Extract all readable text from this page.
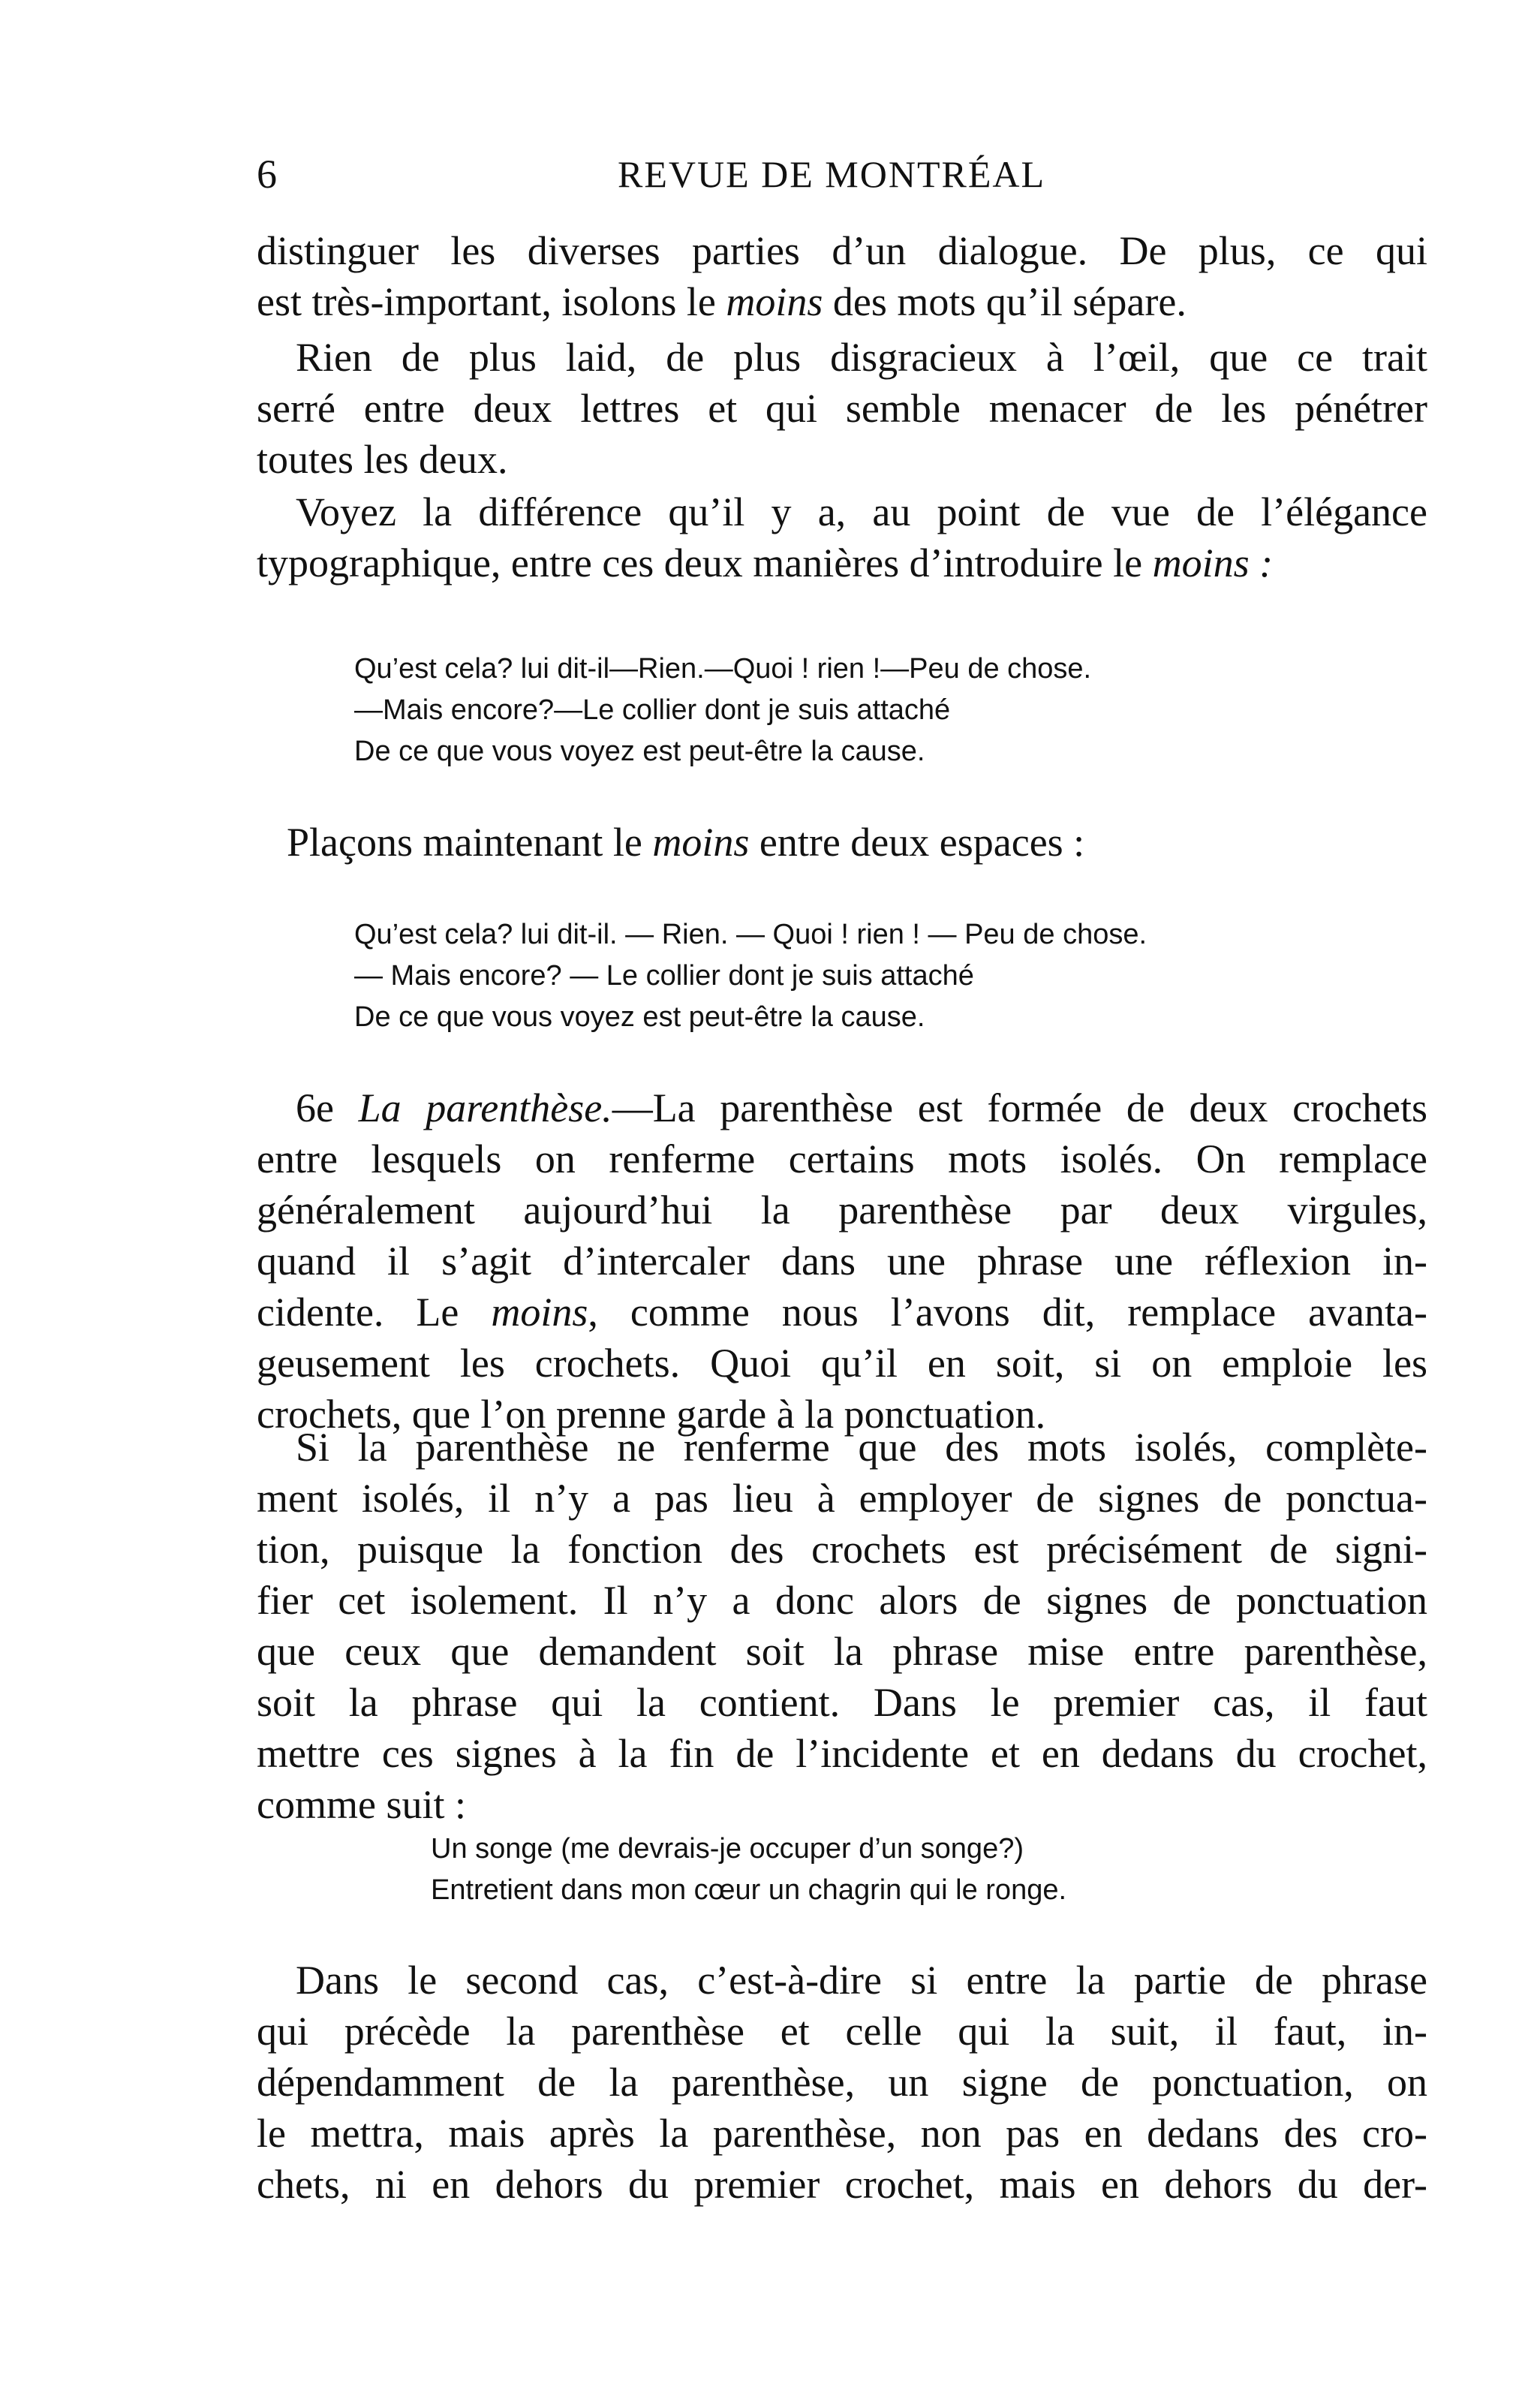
6	REVUE DE MONTRÉAL
distinguer les diverses parties d’un dialogue. De plus, ce qui
est très-important, isolons le moins des mots qu’il sépare.
Rien de plus laid, de plus disgracieux à l’œil, que ce trait
serré entre deux lettres et qui semble menacer de les pénétrer
toutes les deux.
Voyez la différence qu’il y a, au point de vue de l’élégance
typographique, entre ces deux manières d’introduire le moins :
Qu’est cela? lui dit-il—Rien.—Quoi ! rien !—Peu de chose.
—Mais encore?—Le collier dont je suis attaché
De ce que vous voyez est peut-être la cause.
Plaçons maintenant le moins entre deux espaces :
Qu’est cela? lui dit-il. — Rien. — Quoi ! rien ! — Peu de chose.
— Mais encore? — Le collier dont je suis attaché
De ce que vous voyez est peut-être la cause.
6e La parenthèse.—La parenthèse est formée de deux crochets
entre lesquels on renferme certains mots isolés. On remplace
généralement aujourd’hui la parenthèse par deux virgules,
quand il s’agit d’intercaler dans une phrase une réflexion in-
cidente. Le moins, comme nous l’avons dit, remplace avanta-
geusement les crochets. Quoi qu’il en soit, si on emploie les
crochets, que l’on prenne garde à la ponctuation.
Si la parenthèse ne renferme que des mots isolés, complète-
ment isolés, il n’y a pas lieu à employer de signes de ponctua-
tion, puisque la fonction des crochets est précisément de signi-
fier cet isolement. Il n’y a donc alors de signes de ponctuation
que ceux que demandent soit la phrase mise entre parenthèse,
soit la phrase qui la contient. Dans le premier cas, il faut
mettre ces signes à la fin de l’incidente et en dedans du crochet,
comme suit :
Un songe (me devrais-je occuper d’un songe?)
Entretient dans mon cœur un chagrin qui le ronge.
Dans le second cas, c’est-à-dire si entre la partie de phrase
qui précède la parenthèse et celle qui la suit, il faut, in-
dépendamment de la parenthèse, un signe de ponctuation, on
le mettra, mais après la parenthèse, non pas en dedans des cro-
chets, ni en dehors du premier crochet, mais en dehors du der-
